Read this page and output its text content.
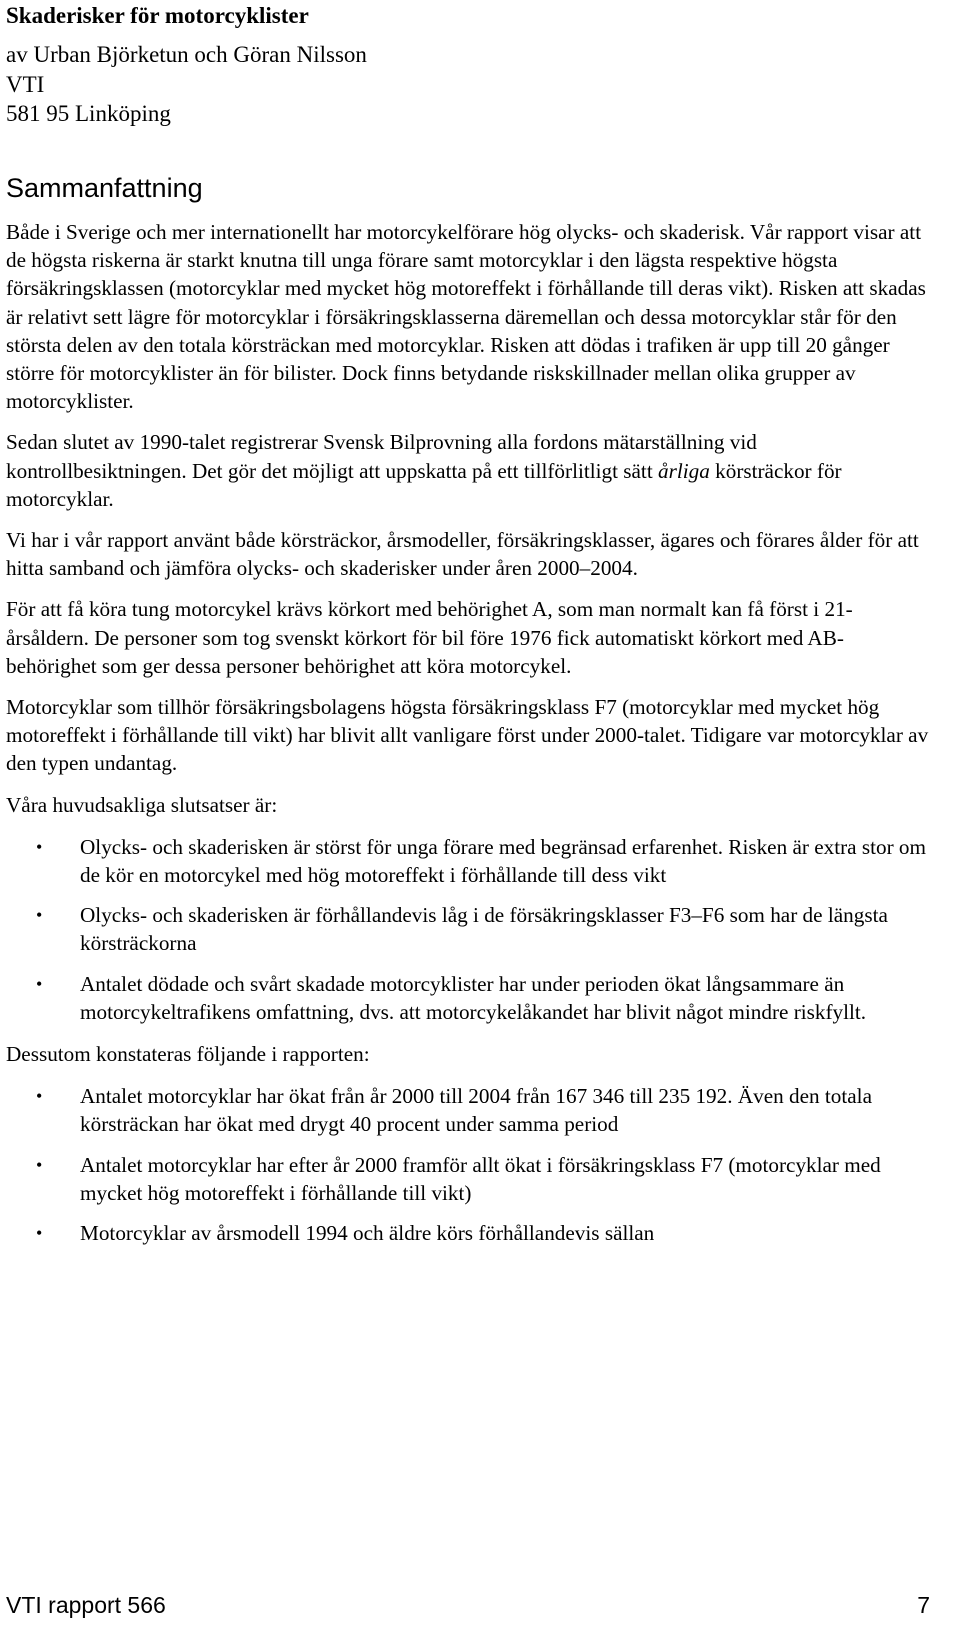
Skaderisker för motorcyklister
av Urban Björketun och Göran Nilsson
VTI
581 95 Linköping
Sammanfattning

Både i Sverige och mer internationellt har motorcykelförare hög olycks- och skaderisk. Vår rapport visar att de högsta riskerna är starkt knutna till unga förare samt motorcyklar i den lägsta respektive högsta försäkringsklassen (motorcyklar med mycket hög motoreffekt i förhållande till deras vikt). Risken att skadas är relativt sett lägre för motorcyklar i försäkringsklasserna däremellan och dessa motorcyklar står för den största delen av den totala körsträckan med motorcyklar. Risken att dödas i trafiken är upp till 20 gånger större för motorcyklister än för bilister. Dock finns betydande riskskillnader mellan olika grupper av motorcyklister.

Sedan slutet av 1990-talet registrerar Svensk Bilprovning alla fordons mätarställning vid kontrollbesiktningen. Det gör det möjligt att uppskatta på ett tillförlitligt sätt årliga körsträckor för motorcyklar.

Vi har i vår rapport använt både körsträckor, årsmodeller, försäkringsklasser, ägares och förares ålder för att hitta samband och jämföra olycks- och skaderisker under åren 2000–2004.

För att få köra tung motorcykel krävs körkort med behörighet A, som man normalt kan få först i 21-årsåldern. De personer som tog svenskt körkort för bil före 1976 fick automatiskt körkort med AB-behörighet som ger dessa personer behörighet att köra motorcykel.

Motorcyklar som tillhör försäkringsbolagens högsta försäkringsklass F7 (motorcyklar med mycket hög motoreffekt i förhållande till vikt) har blivit allt vanligare först under 2000-talet. Tidigare var motorcyklar av den typen undantag.

Våra huvudsakliga slutsatser är:

• Olycks- och skaderisken är störst för unga förare med begränsad erfarenhet. Risken är extra stor om de kör en motorcykel med hög motoreffekt i förhållande till dess vikt
• Olycks- och skaderisken är förhållandevis låg i de försäkringsklasser F3–F6 som har de längsta körsträckorna
• Antalet dödade och svårt skadade motorcyklister har under perioden ökat långsammare än motorcykeltrafikens omfattning, dvs. att motorcykelåkandet har blivit något mindre riskfyllt.

Dessutom konstateras följande i rapporten:

• Antalet motorcyklar har ökat från år 2000 till 2004 från 167 346 till 235 192. Även den totala körsträckan har ökat med drygt 40 procent under samma period
• Antalet motorcyklar har efter år 2000 framför allt ökat i försäkringsklass F7 (motorcyklar med mycket hög motoreffekt i förhållande till vikt)
• Motorcyklar av årsmodell 1994 och äldre körs förhållandevis sällan
VTI rapport 566	7
